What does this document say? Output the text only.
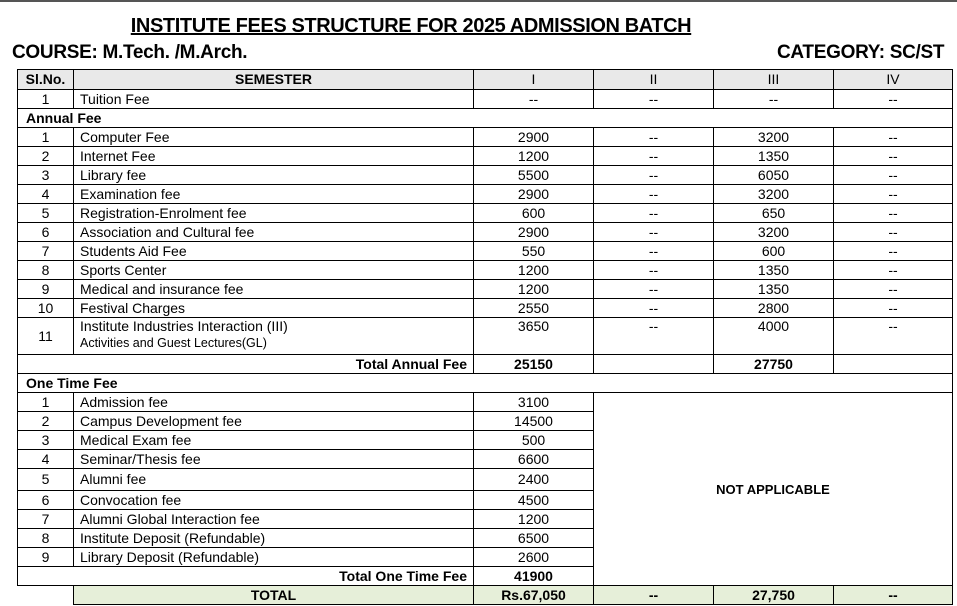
INSTITUTE FEES STRUCTURE FOR 2025 ADMISSION BATCH
COURSE: M.Tech. /M.Arch.	CATEGORY: SC/ST
Sl.No.	SEMESTER	I	II	III	IV
1	Tuition Fee	--	--	--	--
Annual Fee					
1	Computer Fee	2900	--	3200	--
2	Internet Fee	1200	--	1350	--
3	Library fee	5500	--	6050	--
4	Examination fee	2900	--	3200	--
5	Registration-Enrolment fee	600	--	650	--
6	Association and Cultural fee	2900	--	3200	--
7	Students Aid Fee	550	--	600	--
8	Sports Center	1200	--	1350	--
9	Medical and insurance fee	1200	--	1350	--
10	Festival Charges	2550	--	2800	--
11	Institute Industries Interaction (III)
Activities and Guest Lectures(GL)	3650	--	4000	--
Total Annual Fee		25150		27750	
One Time Fee					
1	Admission fee	3100	NOT APPLICABLE		
2	Campus Development fee	14500			
3	Medical Exam fee	500			
4	Seminar/Thesis fee	6600			
5	Alumni fee	2400			
6	Convocation fee	4500			
7	Alumni Global Interaction fee	1200			
8	Institute Deposit (Refundable)	6500			
9	Library Deposit (Refundable)	2600			
Total One Time Fee		41900			
	TOTAL	Rs.67,050	--	27,750	--
